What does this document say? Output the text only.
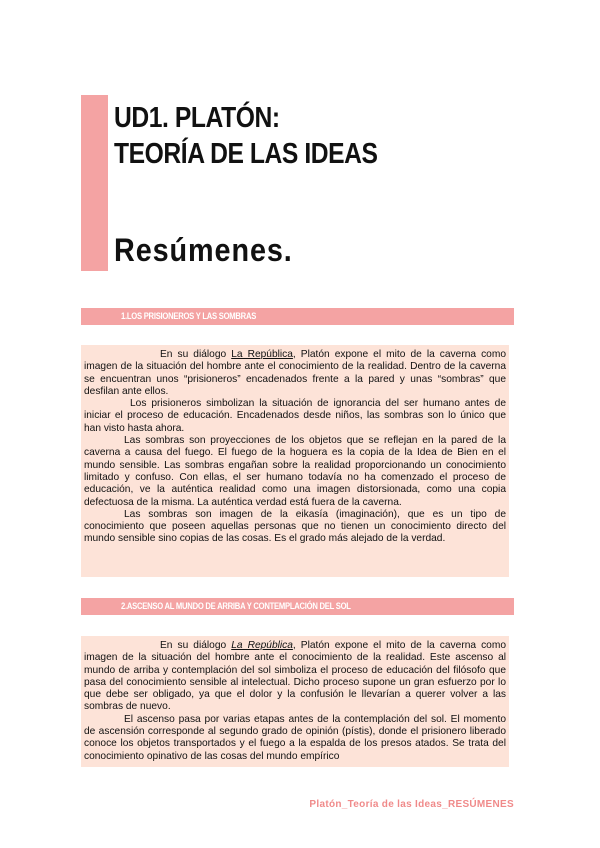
UD1. PLATÓN:
TEORÍA DE LAS IDEAS
Resúmenes.
1.LOS PRISIONEROS Y LAS SOMBRAS

En su diálogo La República, Platón expone el mito de la caverna como imagen de la situación del hombre ante el conocimiento de la realidad. Dentro de la caverna se encuentran unos “prisioneros” encadenados frente a la pared y unas “sombras” que desfilan ante ellos.

Los prisioneros simbolizan la situación de ignorancia del ser humano antes de iniciar el proceso de educación. Encadenados desde niños, las sombras son lo único que han visto hasta ahora.

Las sombras son proyecciones de los objetos que se reflejan en la pared de la caverna a causa del fuego. El fuego de la hoguera es la copia de la Idea de Bien en el mundo sensible. Las sombras engañan sobre la realidad proporcionando un conocimiento limitado y confuso. Con ellas, el ser humano todavía no ha comenzado el proceso de educación, ve la auténtica realidad como una imagen distorsionada, como una copia defectuosa de la misma. La auténtica verdad está fuera de la caverna.

Las sombras son imagen de la eikasía (imaginación), que es un tipo de conocimiento que poseen aquellas personas que no tienen un conocimiento directo del mundo sensible sino copias de las cosas. Es el grado más alejado de la verdad.

2.ASCENSO AL MUNDO DE ARRIBA Y CONTEMPLACIÓN DEL SOL

En su diálogo La República, Platón expone el mito de la caverna como imagen de la situación del hombre ante el conocimiento de la realidad. Este ascenso al mundo de arriba y contemplación del sol simboliza el proceso de educación del filósofo que pasa del conocimiento sensible al intelectual. Dicho proceso supone un gran esfuerzo por lo que debe ser obligado, ya que el dolor y la confusión le llevarían a querer volver a las sombras de nuevo.

El ascenso pasa por varias etapas antes de la contemplación del sol. El momento de ascensión corresponde al segundo grado de opinión (pístis), donde el prisionero liberado conoce los objetos transportados y el fuego a la espalda de los presos atados. Se trata del conocimiento opinativo de las cosas del mundo empírico

Platón_Teoría de las Ideas_RESÚMENES
